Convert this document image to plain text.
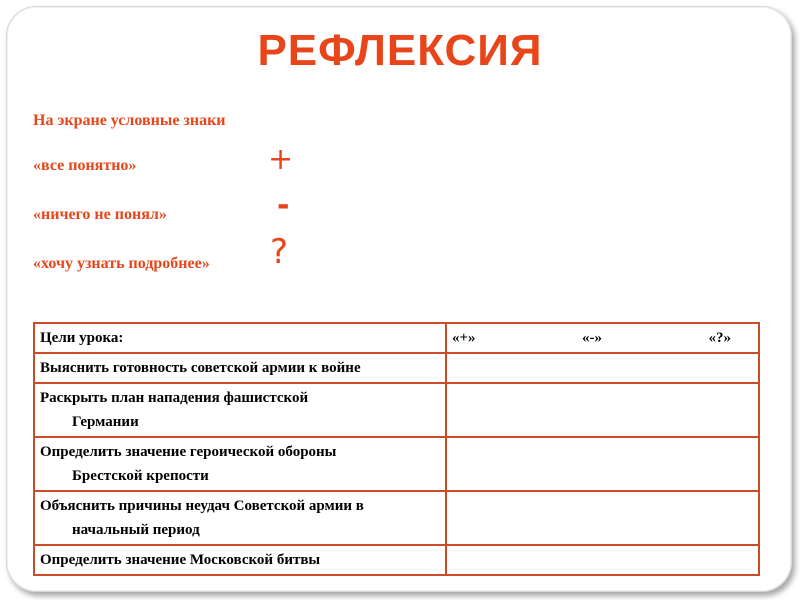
РЕФЛЕКСИЯ
На экране условные знаки
«все понятно»	+
«ничего не понял»	-
«хочу узнать подробнее» ?
Цели урока:	«+» «-» «?»

Выяснить готовность советской армии к войне	
Раскрыть план нападения фашистской
Германии	

Определить значение героической обороны
Брестской крепости	

Объяснить причины неудач Советской армии в
начальный период	

Определить значение Московской битвы	
